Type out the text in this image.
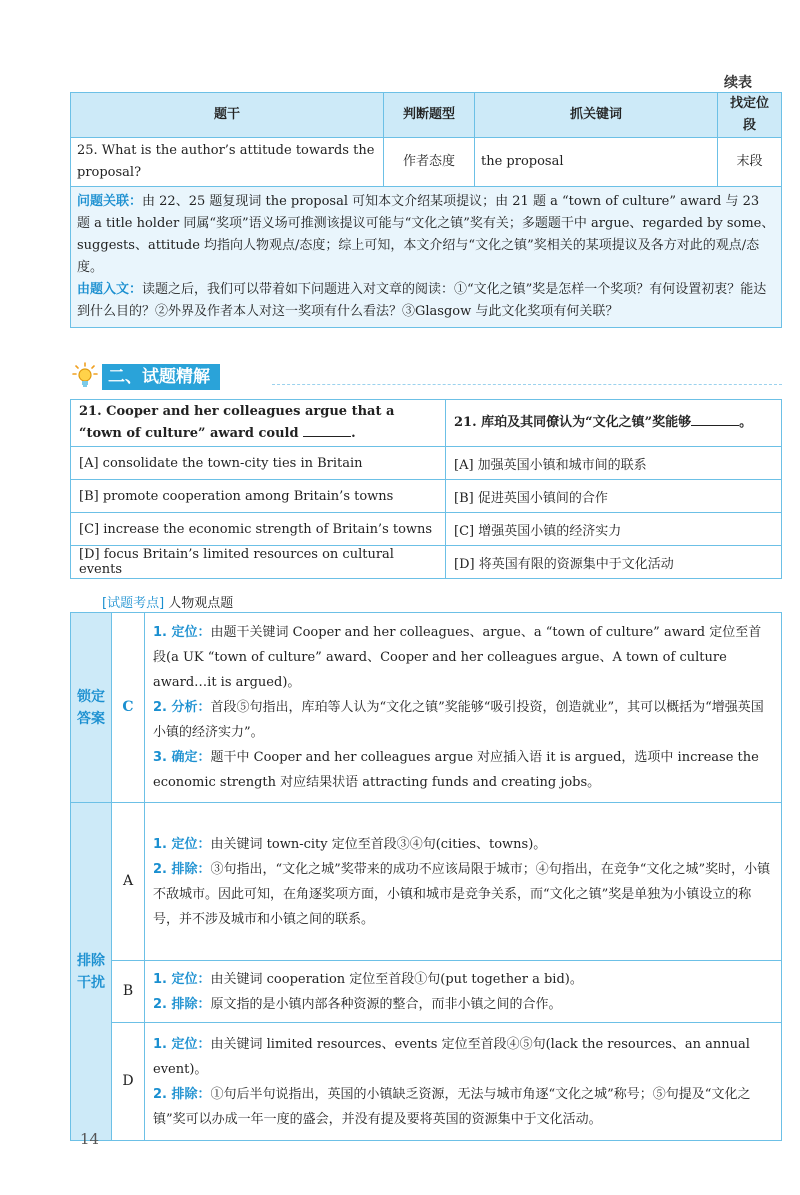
续表
题干	判断题型	抓关键词	找定位段
25. What is the author’s attitude towards the proposal?	作者态度	the proposal	末段

问题关联：由 22、25 题复现词 the proposal 可知本文介绍某项提议；由 21 题 a “town of culture” award 与 23 题 a title holder 同属“奖项”语义场可推测该提议可能与“文化之镇”奖有关；多题题干中 argue、regarded by some、suggests、attitude 均指向人物观点/态度；综上可知，本文介绍与“文化之镇”奖相关的某项提议及各方对此的观点/态度。
由题入文：读题之后，我们可以带着如下问题进入对文章的阅读：①“文化之镇”奖是怎样一个奖项？有何设置初衷？能达到什么目的？②外界及作者本人对这一奖项有什么看法？③Glasgow 与此文化奖项有何关联？			
二、试题精解
21. Cooper and her colleagues argue that a “town of culture” award could .	21. 库珀及其同僚认为“文化之镇”奖能够 。
[A] consolidate the town-city ties in Britain	[A] 加强英国小镇和城市间的联系
[B] promote cooperation among Britain’s towns	[B] 促进英国小镇间的合作
[C] increase the economic strength of Britain’s towns	[C] 增强英国小镇的经济实力
[D] focus Britain’s limited resources on cultural events	[D] 将英国有限的资源集中于文化活动
[试题考点] 人物观点题
锁定答案	C	1. 定位：由题干关键词 Cooper and her colleagues、argue、a “town of culture” award 定位至首段(a UK “town of culture” award、Cooper and her colleagues argue、A town of culture award…it is argued)。
2. 分析：首段⑤句指出，库珀等人认为“文化之镇”奖能够“吸引投资，创造就业”，其可以概括为“增强英国小镇的经济实力”。
3. 确定：题干中 Cooper and her colleagues argue 对应插入语 it is argued，选项中 increase the economic strength 对应结果状语 attracting funds and creating jobs。

排除干扰	A	1. 定位：由关键词 town-city 定位至首段③④句(cities、towns)。
2. 排除：③句指出，“文化之城”奖带来的成功不应该局限于城市；④句指出，在竞争“文化之城”奖时，小镇不敌城市。因此可知，在角逐奖项方面，小镇和城市是竞争关系，而“文化之镇”奖是单独为小镇设立的称号，并不涉及城市和小镇之间的联系。

	B	1. 定位：由关键词 cooperation 定位至首段①句(put together a bid)。
2. 排除：原文指的是小镇内部各种资源的整合，而非小镇之间的合作。

	D	1. 定位：由关键词 limited resources、events 定位至首段④⑤句(lack the resources、an annual event)。
2. 排除：①句后半句说指出，英国的小镇缺乏资源，无法与城市角逐“文化之城”称号；⑤句提及“文化之镇”奖可以办成一年一度的盛会，并没有提及要将英国的资源集中于文化活动。
14
